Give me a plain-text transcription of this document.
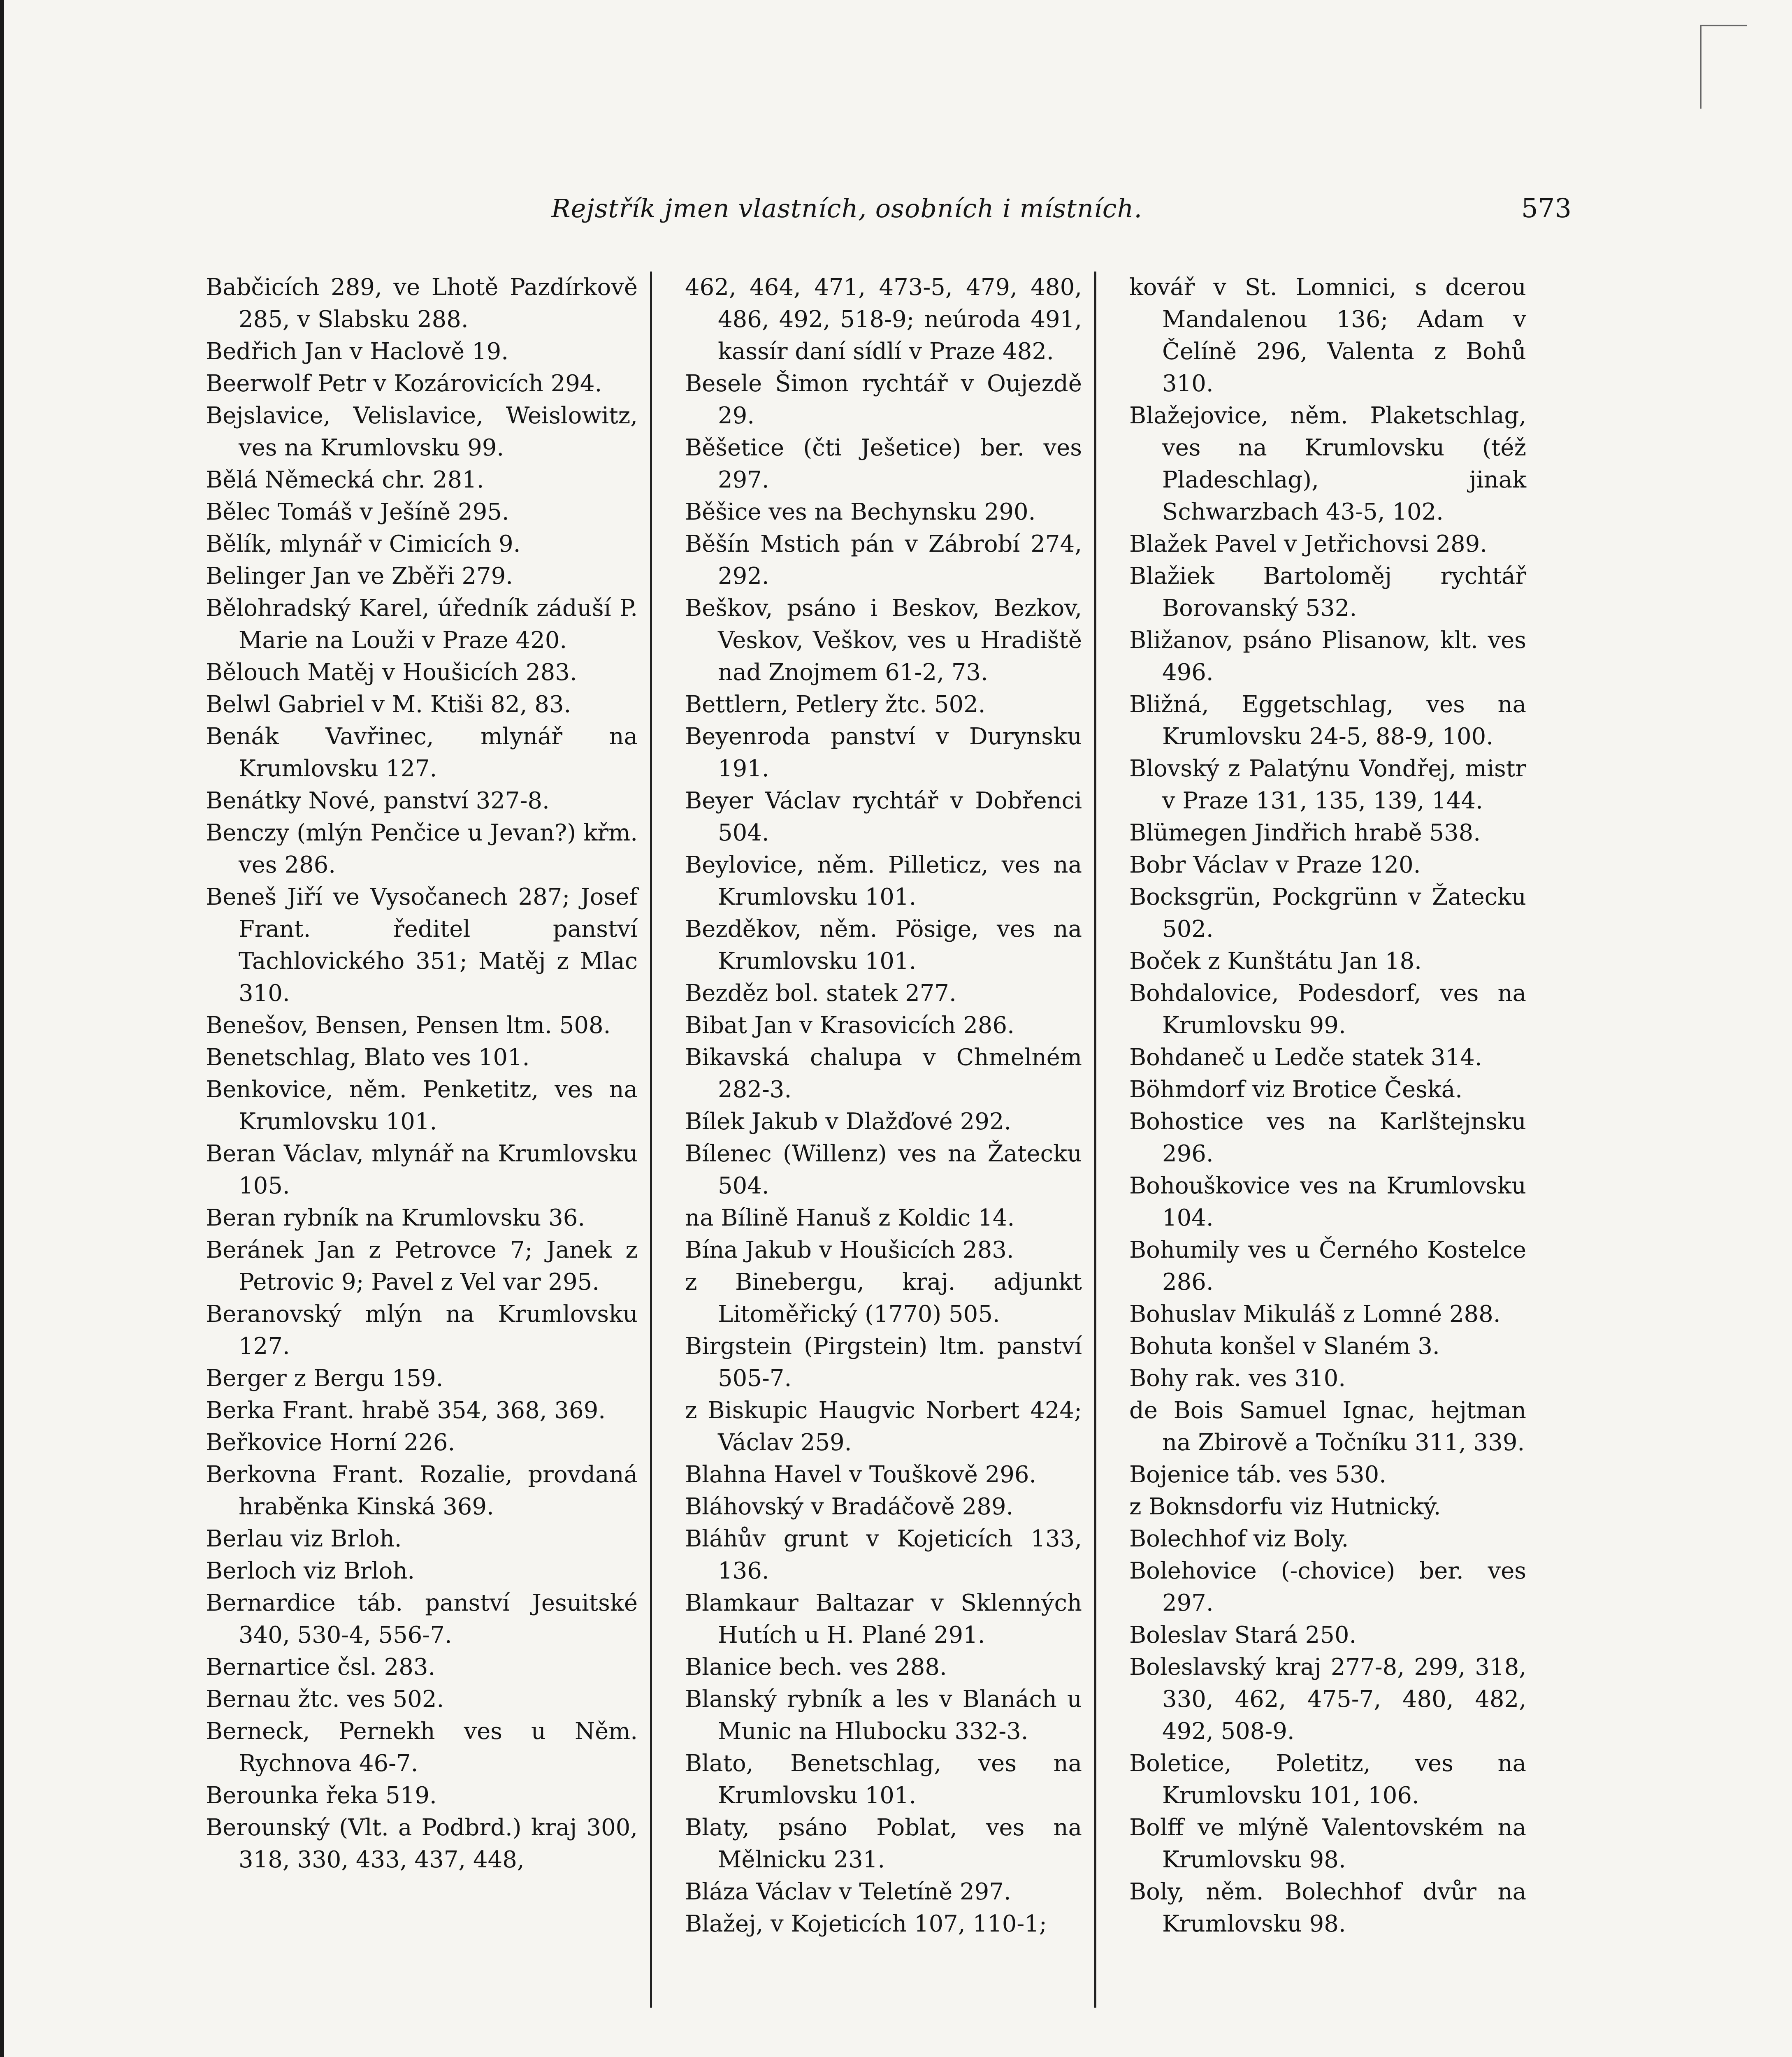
Rejstřík jmen vlastních, osobních i místních.	573

Babčicích 289, ve Lhotě Pazdírkově 285, v Slabsku 288.

Bedřich Jan v Haclově 19.

Beerwolf Petr v Kozárovicích 294.

Bejslavice, Velislavice, Weislowitz, ves na Krumlovsku 99.

Bělá Německá chr. 281.

Bělec Tomáš v Ješíně 295.

Bělík, mlynář v Cimicích 9.

Belinger Jan ve Zběři 279.

Bělohradský Karel, úředník záduší P. Marie na Louži v Praze 420.

Bělouch Matěj v Houšicích 283.

Belwl Gabriel v M. Ktiši 82, 83.

Benák Vavřinec, mlynář na Krumlovsku 127.

Benátky Nové, panství 327-8.

Benczy (mlýn Penčice u Jevan?) křm. ves 286.

Beneš Jiří ve Vysočanech 287; Josef Frant. ředitel panství Tachlovického 351; Matěj z Mlac 310.

Benešov, Bensen, Pensen ltm. 508.

Benetschlag, Blato ves 101.

Benkovice, něm. Penketitz, ves na Krumlovsku 101.

Beran Václav, mlynář na Krumlovsku 105.

Beran rybník na Krumlovsku 36.

Beránek Jan z Petrovce 7; Janek z Petrovic 9; Pavel z Vel var 295.

Beranovský mlýn na Krumlovsku 127.

Berger z Bergu 159.

Berka Frant. hrabě 354, 368, 369.

Beřkovice Horní 226.

Berkovna Frant. Rozalie, provdaná hraběnka Kinská 369.

Berlau viz Brloh.

Berloch viz Brloh.

Bernardice táb. panství Jesuitské 340, 530-4, 556-7.

Bernartice čsl. 283.

Bernau žtc. ves 502.

Berneck, Pernekh ves u Něm. Rychnova 46-7.

Berounka řeka 519.

Berounský (Vlt. a Podbrd.) kraj 300, 318, 330, 433, 437, 448,

462, 464, 471, 473-5, 479, 480, 486, 492, 518-9; neúroda 491, kassír daní sídlí v Praze 482.

Besele Šimon rychtář v Oujezdě 29.

Běšetice (čti Ješetice) ber. ves 297.

Běšice ves na Bechynsku 290.

Běšín Mstich pán v Zábrobí 274, 292.

Beškov, psáno i Beskov, Bezkov, Veskov, Veškov, ves u Hradiště nad Znojmem 61-2, 73.

Bettlern, Petlery žtc. 502.

Beyenroda panství v Durynsku 191.

Beyer Václav rychtář v Dobřenci 504.

Beylovice, něm. Pilleticz, ves na Krumlovsku 101.

Bezděkov, něm. Pösige, ves na Krumlovsku 101.

Bezděz bol. statek 277.

Bibat Jan v Krasovicích 286.

Bikavská chalupa v Chmelném 282-3.

Bílek Jakub v Dlažďové 292.

Bílenec (Willenz) ves na Žatecku 504.

na Bílině Hanuš z Koldic 14.

Bína Jakub v Houšicích 283.

z Binebergu, kraj. adjunkt Litoměřický (1770) 505.

Birgstein (Pirgstein) ltm. panství 505-7.

z Biskupic Haugvic Norbert 424; Václav 259.

Blahna Havel v Touškově 296.

Bláhovský v Bradáčově 289.

Bláhův grunt v Kojeticích 133, 136.

Blamkaur Baltazar v Sklenných Hutích u H. Plané 291.

Blanice bech. ves 288.

Blanský rybník a les v Blanách u Munic na Hlubocku 332-3.

Blato, Benetschlag, ves na Krumlovsku 101.

Blaty, psáno Poblat, ves na Mělnicku 231.

Bláza Václav v Teletíně 297.

Blažej, v Kojeticích 107, 110-1;

kovář v St. Lomnici, s dcerou Mandalenou 136; Adam v Čelíně 296, Valenta z Bohů 310.

Blažejovice, něm. Plaketschlag, ves na Krumlovsku (též Pladeschlag), jinak Schwarzbach 43-5, 102.

Blažek Pavel v Jetřichovsi 289.

Blažiek Bartoloměj rychtář Borovanský 532.

Bližanov, psáno Plisanow, klt. ves 496.

Bližná, Eggetschlag, ves na Krumlovsku 24-5, 88-9, 100.

Blovský z Palatýnu Vondřej, mistr v Praze 131, 135, 139, 144.

Blümegen Jindřich hrabě 538.

Bobr Václav v Praze 120.

Bocksgrün, Pockgrünn v Žatecku 502.

Boček z Kunštátu Jan 18.

Bohdalovice, Podesdorf, ves na Krumlovsku 99.

Bohdaneč u Ledče statek 314.

Böhmdorf viz Brotice Česká.

Bohostice ves na Karlštejnsku 296.

Bohouškovice ves na Krumlovsku 104.

Bohumily ves u Černého Kostelce 286.

Bohuslav Mikuláš z Lomné 288.

Bohuta konšel v Slaném 3.

Bohy rak. ves 310.

de Bois Samuel Ignac, hejtman na Zbirově a Točníku 311, 339.

Bojenice táb. ves 530.

z Boknsdorfu viz Hutnický.

Bolechhof viz Boly.

Bolehovice (-chovice) ber. ves 297.

Boleslav Stará 250.

Boleslavský kraj 277-8, 299, 318, 330, 462, 475-7, 480, 482, 492, 508-9.

Boletice, Poletitz, ves na Krumlovsku 101, 106.

Bolff ve mlýně Valentovském na Krumlovsku 98.

Boly, něm. Bolechhof dvůr na Krumlovsku 98.
